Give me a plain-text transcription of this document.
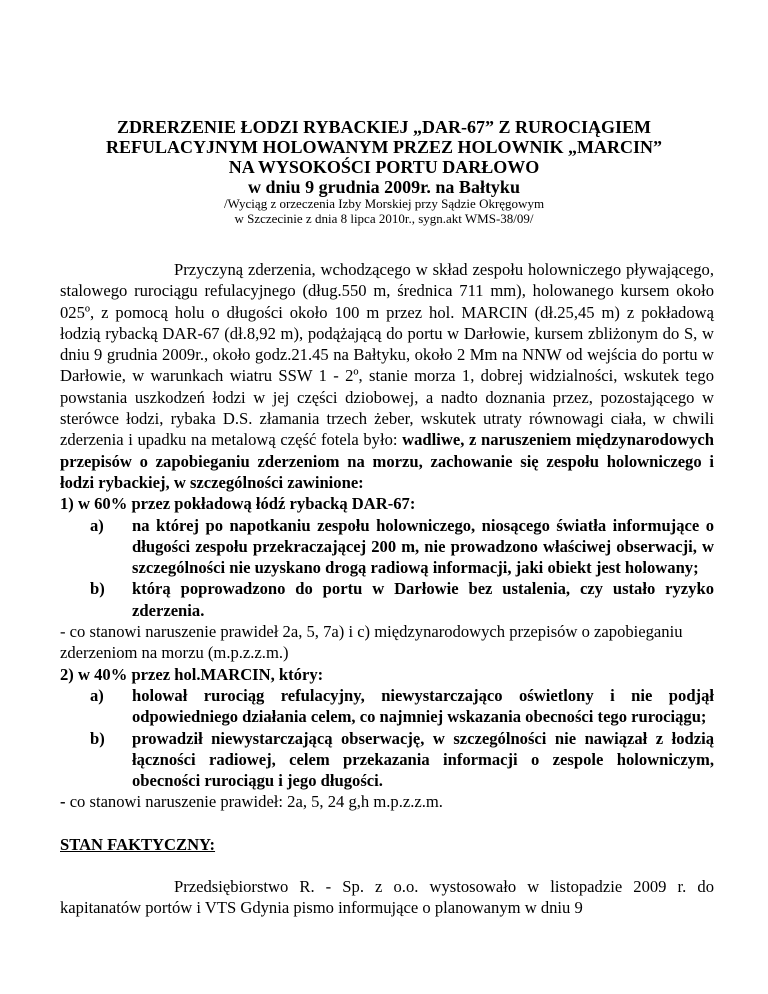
ZDRERZENIE ŁODZI RYBACKIEJ „DAR-67” Z RUROCIĄGIEM
REFULACYJNYM HOLOWANYM PRZEZ HOLOWNIK „MARCIN”
NA WYSOKOŚCI PORTU DARŁOWO
w dniu 9 grudnia 2009r. na Bałtyku
/Wyciąg z orzeczenia Izby Morskiej przy Sądzie Okręgowym
w Szczecinie z dnia 8 lipca 2010r., sygn.akt WMS-38/09/
Przyczyną zderzenia, wchodzącego w skład zespołu holowniczego pływającego, stalowego rurociągu refulacyjnego (dług.550 m, średnica 711 mm), holowanego kursem około 025º, z pomocą holu o długości około 100 m przez hol. MARCIN (dł.25,45 m) z pokładową łodzią rybacką DAR-67 (dł.8,92 m), podążającą do portu w Darłowie, kursem zbliżonym do S, w dniu 9 grudnia 2009r., około godz.21.45 na Bałtyku, około 2 Mm na NNW od wejścia do portu w Darłowie, w warunkach wiatru SSW 1 - 2º, stanie morza 1, dobrej widzialności, wskutek tego powstania uszkodzeń łodzi w jej części dziobowej, a nadto doznania przez, pozostającego w sterówce łodzi, rybaka D.S. złamania trzech żeber, wskutek utraty równowagi ciała, w chwili zderzenia i upadku na metalową część fotela było: wadliwe, z naruszeniem międzynarodowych przepisów o zapobieganiu zderzeniom na morzu, zachowanie się zespołu holowniczego i łodzi rybackiej, w szczególności zawinione:
1) w 60% przez pokładową łódź rybacką DAR-67:
a) na której po napotkaniu zespołu holowniczego, niosącego światła informujące o długości zespołu przekraczającej 200 m, nie prowadzono właściwej obserwacji, w szczególności nie uzyskano drogą radiową informacji, jaki obiekt jest holowany;
b) którą poprowadzono do portu w Darłowie bez ustalenia, czy ustało ryzyko zderzenia.
- co stanowi naruszenie prawideł 2a, 5, 7a) i c) międzynarodowych przepisów o zapobieganiu zderzeniom na morzu (m.p.z.z.m.)
2) w 40% przez hol.MARCIN, który:
a) holował rurociąg refulacyjny, niewystarczająco oświetlony i nie podjął odpowiedniego działania celem, co najmniej wskazania obecności tego rurociągu;
b) prowadził niewystarczającą obserwację, w szczególności nie nawiązał z łodzią łączności radiowej, celem przekazania informacji o zespole holowniczym, obecności rurociągu i jego długości.
- co stanowi naruszenie prawideł: 2a, 5, 24 g,h m.p.z.z.m.
STAN FAKTYCZNY:
Przedsiębiorstwo R. - Sp. z o.o. wystosowało w listopadzie 2009 r. do kapitanatów portów i VTS Gdynia pismo informujące o planowanym w dniu 9
